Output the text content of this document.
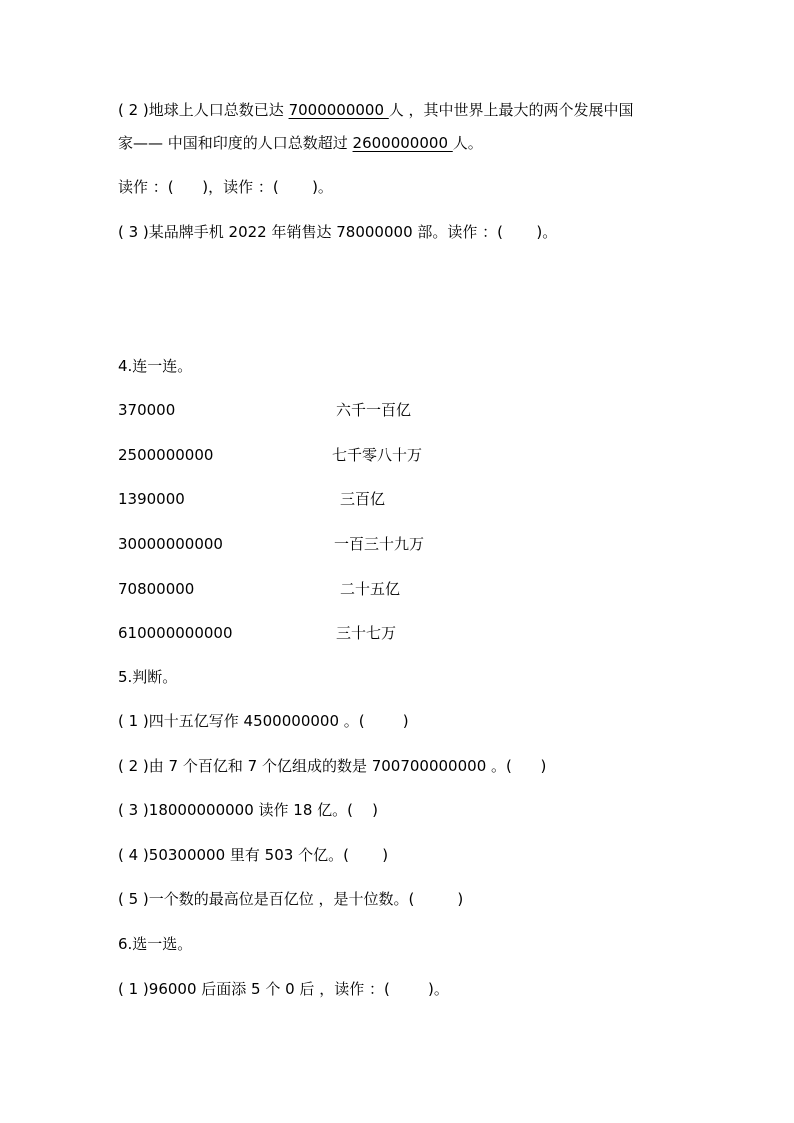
( 2 )地球上人口总数已达 7000000000 人 ，其中世界上最大的两个发展中国
家—— 中国和印度的人口总数超过 2600000000 人。
读作 ：(      )，读作 ：(       )。
( 3 )某品牌手机 2022 年销售达 78000000 部。读作 ：(       )。
4.连一连。
370000	六千一百亿
2500000000	七千零八十万
1390000	三百亿
30000000000	一百三十九万
70800000	二十五亿
610000000000	三十七万
5.判断。
( 1 )四十五亿写作 4500000000 。(        )
( 2 )由 7 个百亿和 7 个亿组成的数是 700700000000 。(      )
( 3 )18000000000 读作 18 亿。(    )
( 4 )50300000 里有 503 个亿。(       )
( 5 )一个数的最高位是百亿位 ，是十位数。(         )
6.选一选。
( 1 )96000 后面添 5 个 0 后 ，读作 ：(        )。
